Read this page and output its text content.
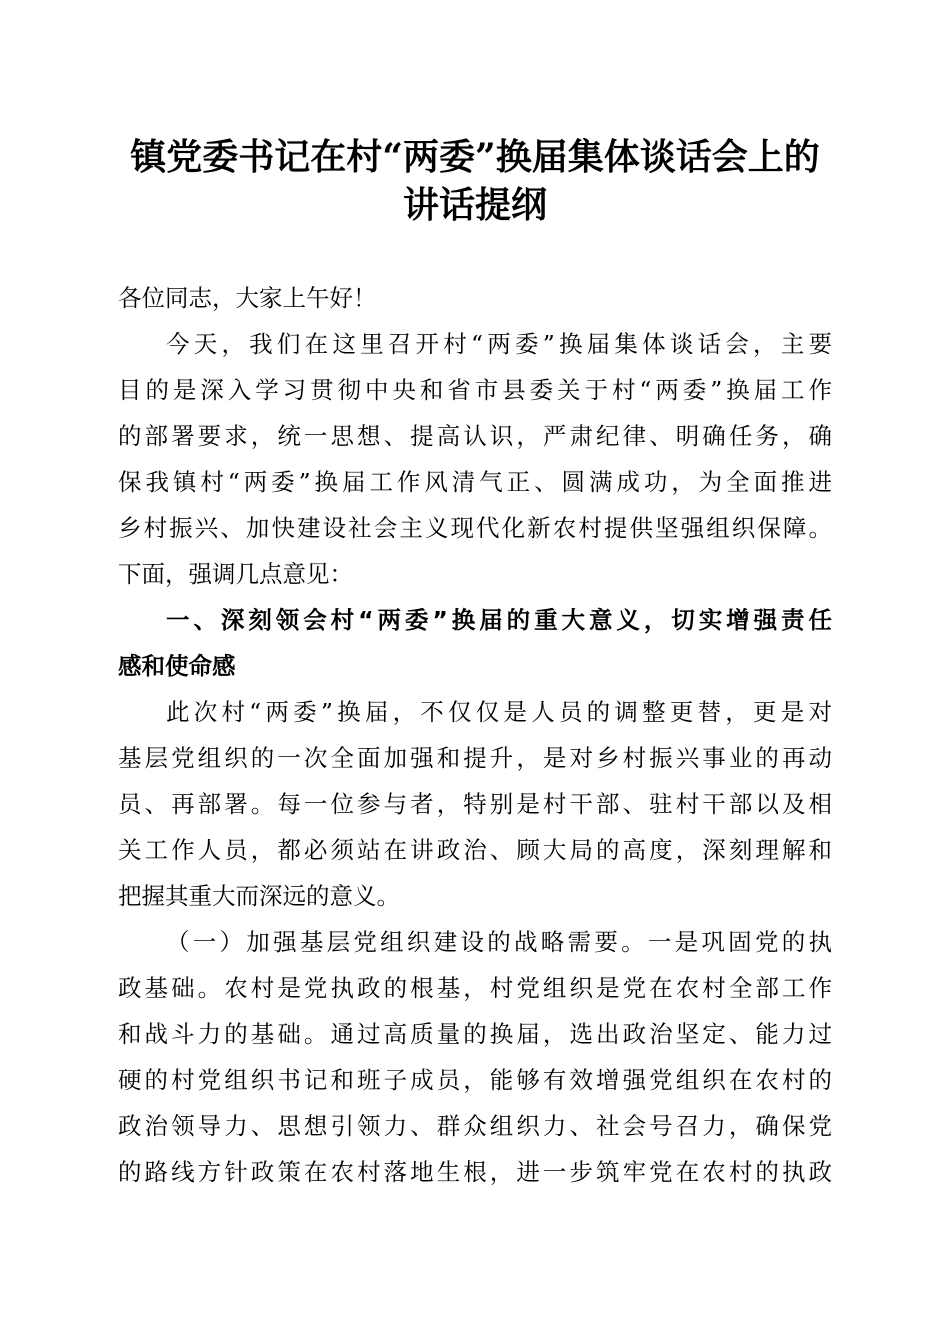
镇党委书记在村“两委”换届集体谈话会上的
讲话提纲
各位同志，大家上午好！
今天，我们在这里召开村“两委”换届集体谈话会，主要
目的是深入学习贯彻中央和省市县委关于村“两委”换届工作
的部署要求，统一思想、提高认识，严肃纪律、明确任务，确
保我镇村“两委”换届工作风清气正、圆满成功，为全面推进
乡村振兴、加快建设社会主义现代化新农村提供坚强组织保障。
下面，强调几点意见：
一、深刻领会村“两委”换届的重大意义，切实增强责任
感和使命感
此次村“两委”换届，不仅仅是人员的调整更替，更是对
基层党组织的一次全面加强和提升，是对乡村振兴事业的再动
员、再部署。每一位参与者，特别是村干部、驻村干部以及相
关工作人员，都必须站在讲政治、顾大局的高度，深刻理解和
把握其重大而深远的意义。
（一）加强基层党组织建设的战略需要。一是巩固党的执
政基础。农村是党执政的根基，村党组织是党在农村全部工作
和战斗力的基础。通过高质量的换届，选出政治坚定、能力过
硬的村党组织书记和班子成员，能够有效增强党组织在农村的
政治领导力、思想引领力、群众组织力、社会号召力，确保党
的路线方针政策在农村落地生根，进一步筑牢党在农村的执政
